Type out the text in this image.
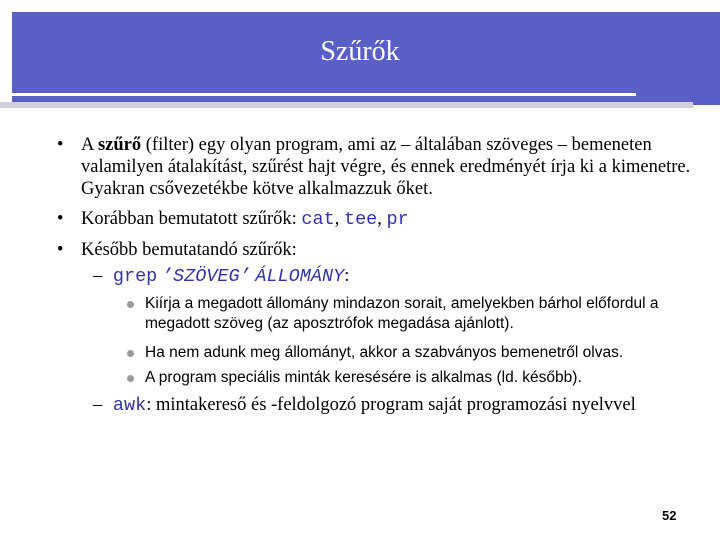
Szűrők
• A szűrő (filter) egy olyan program, ami az – általában szöveges – bemeneten valamilyen átalakítást, szűrést hajt végre, és ennek eredményét írja ki a kimenetre. Gyakran csővezetékbe kötve alkalmazzuk őket.
• Korábban bemutatott szűrők: cat, tee, pr
• Később bemutatandó szűrők:
– grep ’SZÖVEG’ ÁLLOMÁNY:
Kiírja a megadott állomány mindazon sorait, amelyekben bárhol előfordul a megadott szöveg (az aposztrófok megadása ajánlott).
Ha nem adunk meg állományt, akkor a szabványos bemenetről olvas.
A program speciális minták keresésére is alkalmas (ld. később).
– awk: mintakereső és -feldolgozó program saját programozási nyelvvel
52
